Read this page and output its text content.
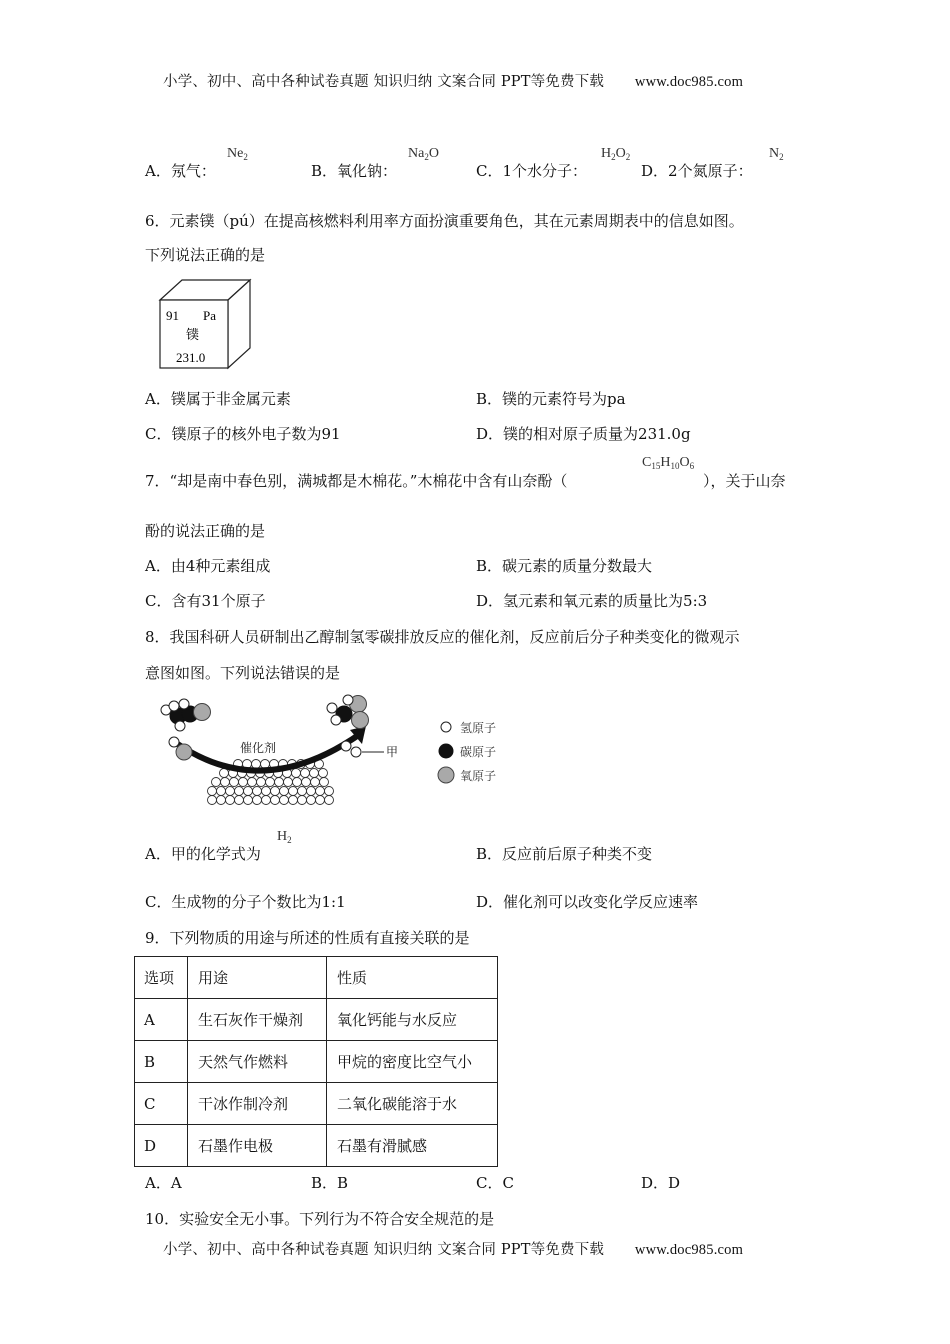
小学、初中、高中各种试卷真题 知识归纳 文案合同 PPT等免费下载 www.doc985.com
A．氖气：
$Ne_2$
B．氧化钠：
$Na_2O$
C．1个水分子：
$H_2O_2$
D．2个氮原子：
$N_2$
6．元素镤（pú）在提高核燃料利用率方面扮演重要角色，其在元素周期表中的信息如图。
下列说法正确的是
91 Pa
镤
231.0
A．镤属于非金属元素	B．镤的元素符号为pa
C．镤原子的核外电子数为91	D．镤的相对原子质量为231.0g
7．“却是南中春色别，满城都是木棉花。”木棉花中含有山奈酚（
$C_{15}H_{10}O_6$
），关于山奈
酚的说法正确的是
A．由4种元素组成	B．碳元素的质量分数最大
C．含有31个原子	D．氢元素和氧元素的质量比为5:3
8．我国科研人员研制出乙醇制氢零碳排放反应的催化剂，反应前后分子种类变化的微观示
意图如图。下列说法错误的是
催化剂	甲
氢原子
碳原子
氧原子
A．甲的化学式为
$H_2$
B．反应前后原子种类不变
C．生成物的分子个数比为1:1	D．催化剂可以改变化学反应速率
9．下列物质的用途与所述的性质有直接关联的是
选项	用途	性质
A	生石灰作干燥剂	氧化钙能与水反应
B	天然气作燃料	甲烷的密度比空气小
C	干冰作制冷剂	二氧化碳能溶于水
D	石墨作电极	石墨有滑腻感
A．A	B．B	C．C	D．D
10．实验安全无小事。下列行为不符合安全规范的是
小学、初中、高中各种试卷真题 知识归纳 文案合同 PPT等免费下载 www.doc985.com
